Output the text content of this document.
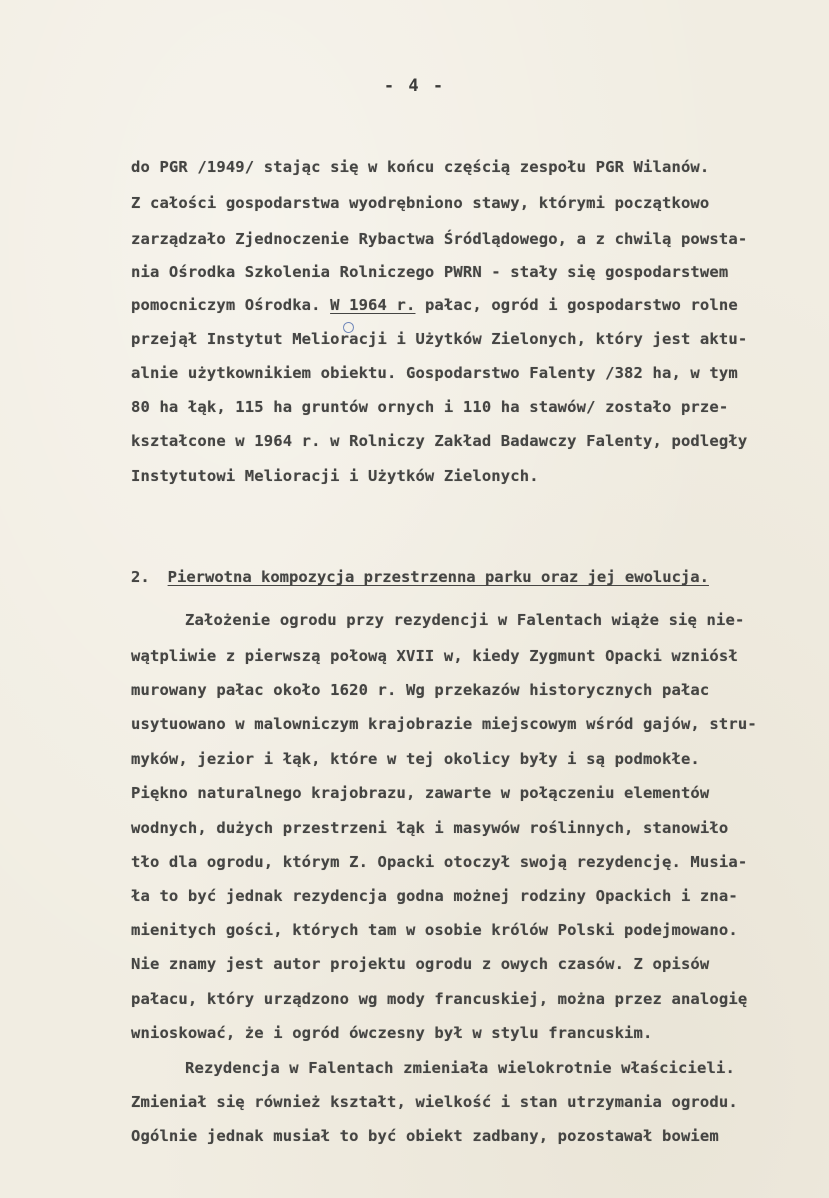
- 4 -
do PGR /1949/ stając się w końcu częścią zespołu PGR Wilanów.
Z całości gospodarstwa wyodrębniono stawy, którymi początkowo
zarządzało Zjednoczenie Rybactwa Śródlądowego, a z chwilą powsta-
nia Ośrodka Szkolenia Rolniczego PWRN - stały się gospodarstwem
pomocniczym Ośrodka. W 1964 r. pałac, ogród i gospodarstwo rolne
przejął Instytut Melioracji i Użytków Zielonych, który jest aktu-
alnie użytkownikiem obiektu. Gospodarstwo Falenty /382 ha, w tym
80 ha łąk, 115 ha gruntów ornych i 110 ha stawów/ zostało prze-
kształcone w 1964 r. w Rolniczy Zakład Badawczy Falenty, podległy
Instytutowi Melioracji i Użytków Zielonych.
2. Pierwotna kompozycja przestrzenna parku oraz jej ewolucja.
Założenie ogrodu przy rezydencji w Falentach wiąże się nie-
wątpliwie z pierwszą połową XVII w, kiedy Zygmunt Opacki wzniósł
murowany pałac około 1620 r. Wg przekazów historycznych pałac
usytuowano w malowniczym krajobrazie miejscowym wśród gajów, stru-
myków, jezior i łąk, które w tej okolicy były i są podmokłe.
Piękno naturalnego krajobrazu, zawarte w połączeniu elementów
wodnych, dużych przestrzeni łąk i masywów roślinnych, stanowiło
tło dla ogrodu, którym Z. Opacki otoczył swoją rezydencję. Musia-
ła to być jednak rezydencja godna możnej rodziny Opackich i zna-
mienitych gości, których tam w osobie królów Polski podejmowano.
Nie znamy jest autor projektu ogrodu z owych czasów. Z opisów
pałacu, który urządzono wg mody francuskiej, można przez analogię
wnioskować, że i ogród ówczesny był w stylu francuskim.
Rezydencja w Falentach zmieniała wielokrotnie właścicieli.
Zmieniał się również kształt, wielkość i stan utrzymania ogrodu.
Ogólnie jednak musiał to być obiekt zadbany, pozostawał bowiem
